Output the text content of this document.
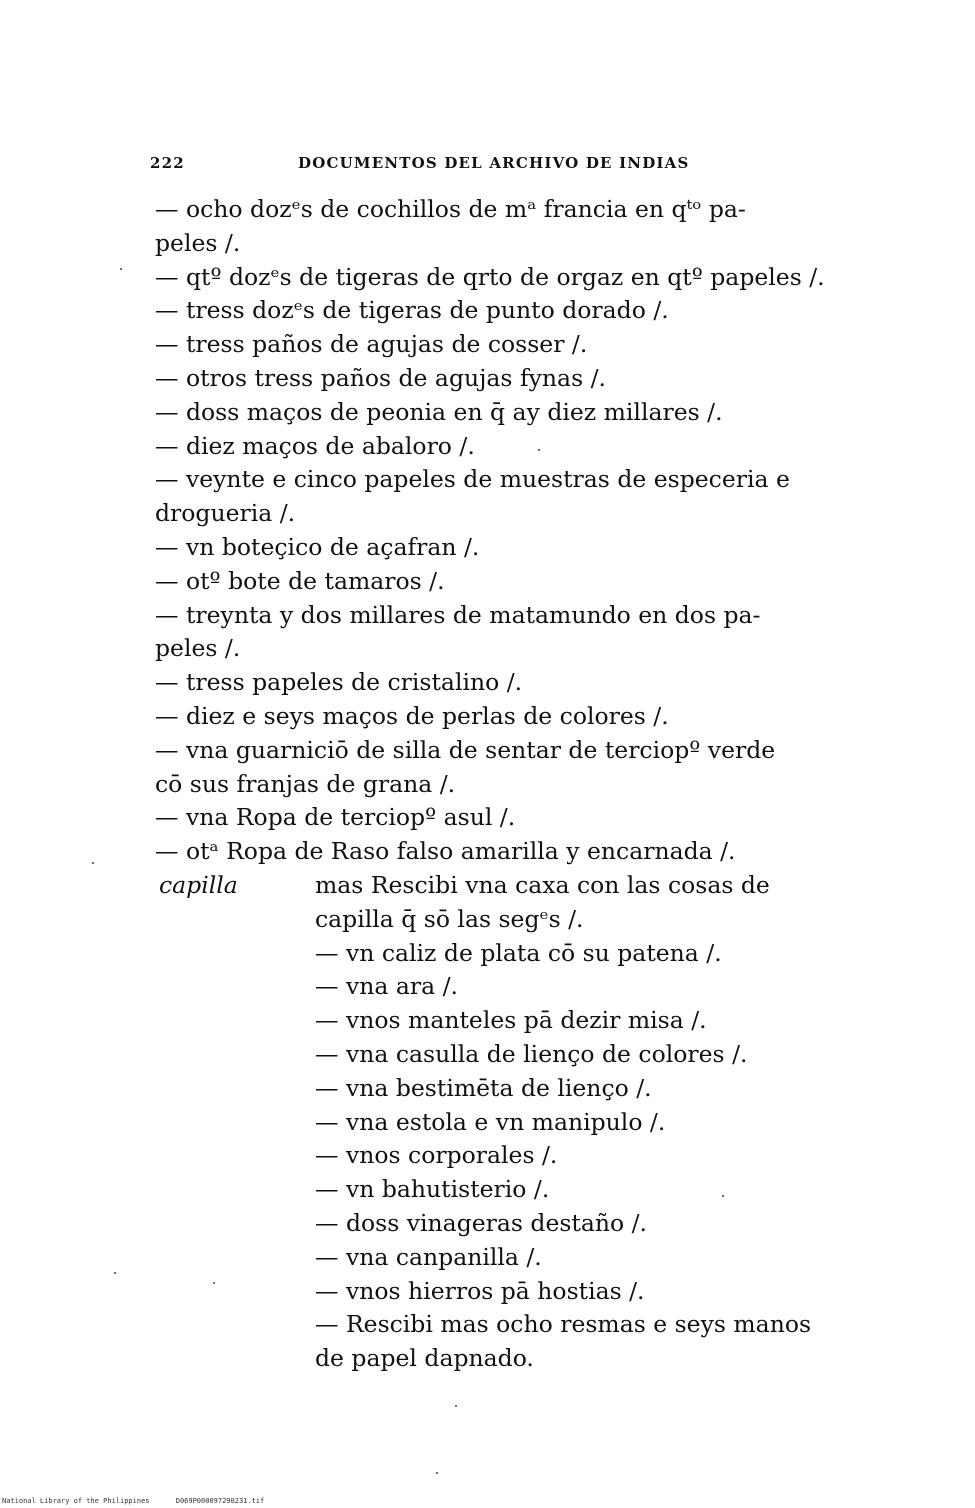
222	DOCUMENTOS DEL ARCHIVO DE INDIAS
— ocho dozᵉs de cochillos de mᵃ francia en qᵗᵒ pa-
peles /.
— qtº dozᵉs de tigeras de qrto de orgaz en qtº papeles /.
— tress dozᵉs de tigeras de punto dorado /.
— tress paños de agujas de cosser /.
— otros tress paños de agujas fynas /.
— doss maços de peonia en q̄ ay diez millares /.
— diez maços de abaloro /.
— veynte e cinco papeles de muestras de especeria e
drogueria /.
— vn boteçico de açafran /.
— otº bote de tamaros /.
— treynta y dos millares de matamundo en dos pa-
peles /.
— tress papeles de cristalino /.
— diez e seys maços de perlas de colores /.
— vna guarniciō de silla de sentar de terciopº verde
cō sus franjas de grana /.
— vna Ropa de terciopº asul /.
— otᵃ Ropa de Raso falso amarilla y encarnada /.
capilla	mas Rescibi vna caxa con las cosas de
capilla q̄ sō las segᵉs /.
— vn caliz de plata cō su patena /.
— vna ara /.
— vnos manteles pā dezir misa /.
— vna casulla de lienço de colores /.
— vna bestimēta de lienço /.
— vna estola e vn manipulo /.
— vnos corporales /.
— vn bahutisterio /.
— doss vinageras destaño /.
— vna canpanilla /.
— vnos hierros pā hostias /.
— Rescibi mas ocho resmas e seys manos
de papel dapnado.
National Library of the Philippines	D069P000097290231.tif
